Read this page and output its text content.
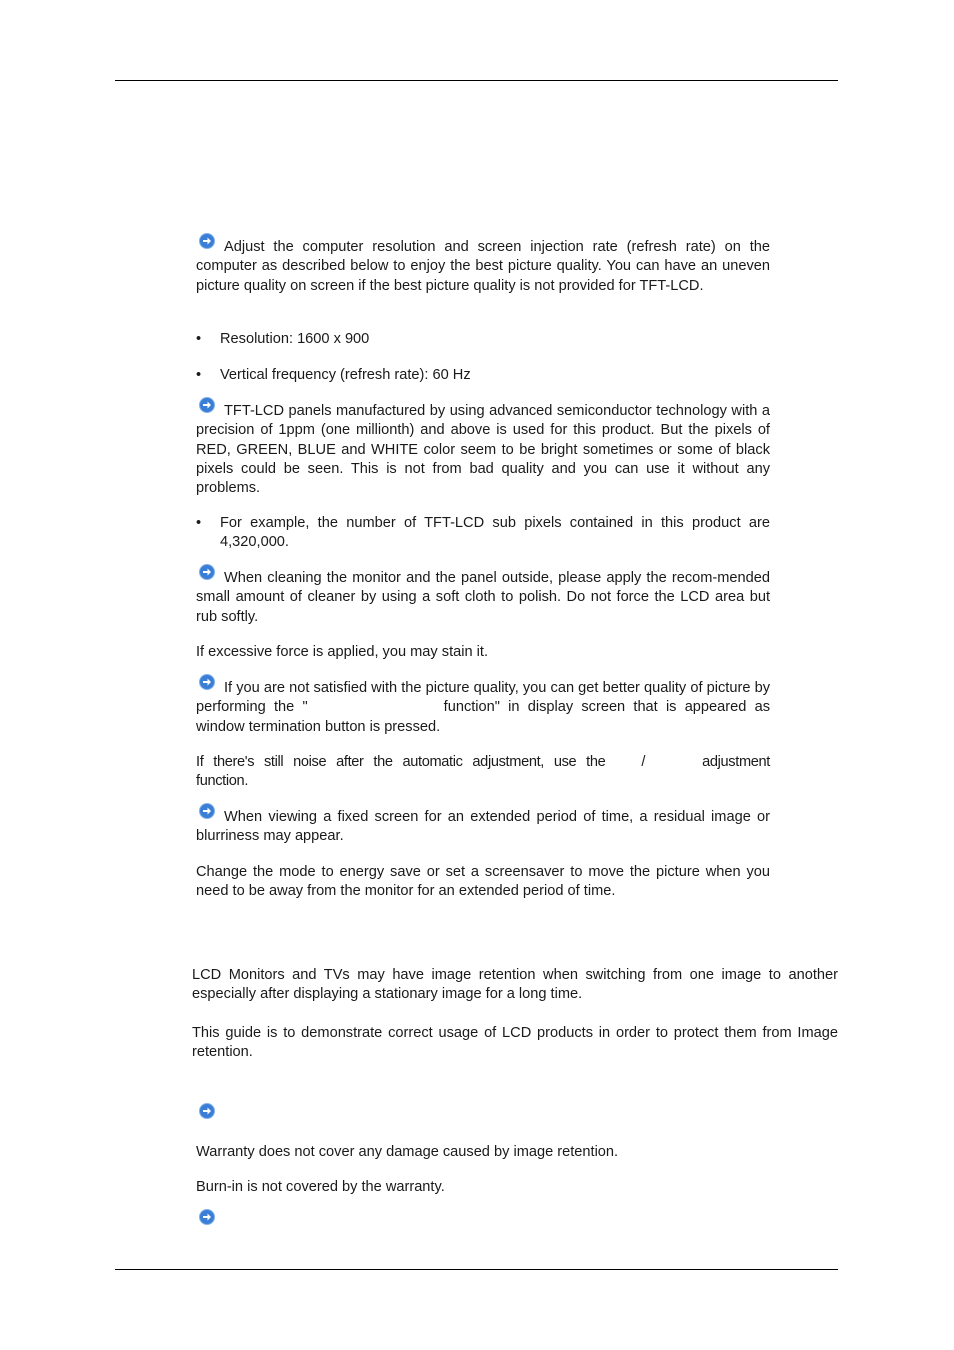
Adjust the computer resolution and screen injection rate (refresh rate) on the computer as described below to enjoy the best picture quality. You can have an uneven picture quality on screen if the best picture quality is not provided for TFT-LCD.

•	Resolution: 1600 x 900
•	Vertical frequency (refresh rate): 60 Hz

TFT-LCD panels manufactured by using advanced semiconductor technology with a precision of 1ppm (one millionth) and above is used for this product. But the pixels of RED, GREEN, BLUE and WHITE color seem to be bright sometimes or some of black pixels could be seen. This is not from bad quality and you can use it without any problems.

•	For example, the number of TFT-LCD sub pixels contained in this product are 4,320,000.

When cleaning the monitor and the panel outside, please apply the recom-mended small amount of cleaner by using a soft cloth to polish. Do not force the LCD area but rub softly.

If excessive force is applied, you may stain it.

If you are not satisfied with the picture quality, you can get better quality of picture by performing the "	function" in display screen that is appeared as window termination button is pressed.

If there's still noise after the automatic adjustment, use the /	adjustment function.

When viewing a fixed screen for an extended period of time, a residual image or blurriness may appear.

Change the mode to energy save or set a screensaver to move the picture when you need to be away from the monitor for an extended period of time.

LCD Monitors and TVs may have image retention when switching from one image to another especially after displaying a stationary image for a long time.

This guide is to demonstrate correct usage of LCD products in order to protect them from Image retention.

Warranty does not cover any damage caused by image retention.

Burn-in is not covered by the warranty.
